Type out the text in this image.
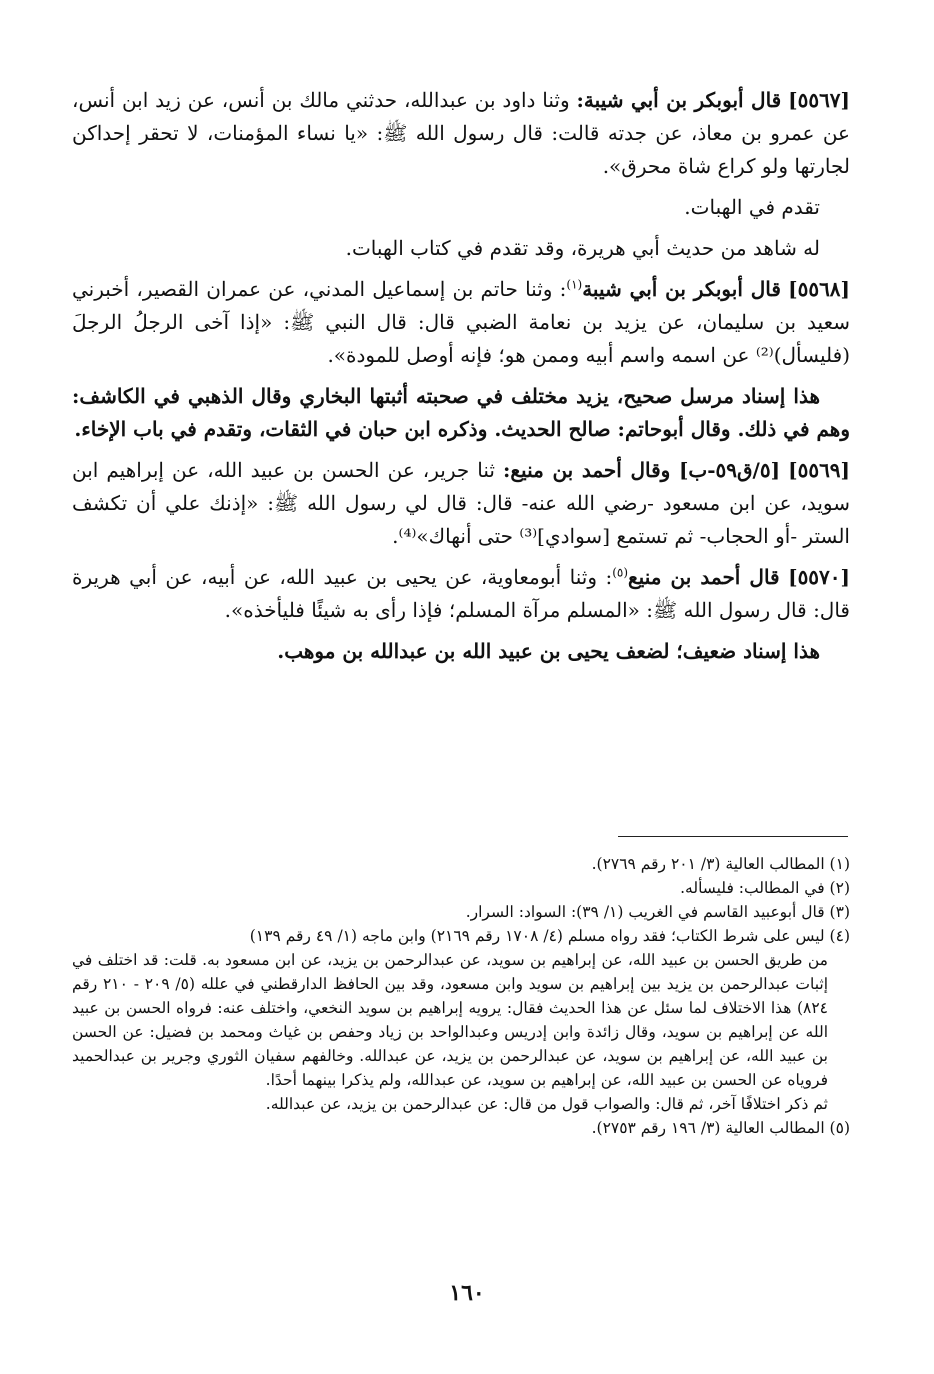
[٥٥٦٧] قال أبوبكر بن أبي شيبة: وثنا داود بن عبدالله، حدثني مالك بن أنس، عن زيد ابن أنس، عن عمرو بن معاذ، عن جدته قالت: قال رسول الله ﷺ: «يا نساء المؤمنات، لا تحقر إحداكن لجارتها ولو كراع شاة محرق».

تقدم في الهبات.

له شاهد من حديث أبي هريرة، وقد تقدم في كتاب الهبات.

[٥٥٦٨] قال أبوبكر بن أبي شيبة$^{(١)}$: وثنا حاتم بن إسماعيل المدني، عن عمران القصير، أخبرني سعيد بن سليمان، عن يزيد بن نعامة الضبي قال: قال النبي ﷺ: «إذا آخى الرجلُ الرجلَ (فليسأل)⁽²⁾ عن اسمه واسم أبيه وممن هو؛ فإنه أوصل للمودة».

هذا إسناد مرسل صحيح، يزيد مختلف في صحبته أثبتها البخاري وقال الذهبي في الكاشف: وهم في ذلك. وقال أبوحاتم: صالح الحديث. وذكره ابن حبان في الثقات، وتقدم في باب الإخاء.

[٥٥٦٩] [٥/ق٥٩-ب] وقال أحمد بن منيع: ثنا جرير، عن الحسن بن عبيد الله، عن إبراهيم ابن سويد، عن ابن مسعود -رضي الله عنه- قال: قال لي رسول الله ﷺ: «إذنك علي أن تكشف الستر -أو الحجاب- ثم تستمع [سوادي]⁽³⁾ حتى أنهاك»⁽⁴⁾.

[٥٥٧٠] قال أحمد بن منيع$^{(٥)}$: وثنا أبومعاوية، عن يحيى بن عبيد الله، عن أبيه، عن أبي هريرة قال: قال رسول الله ﷺ: «المسلم مرآة المسلم؛ فإذا رأى به شيئًا فليأخذه».

هذا إسناد ضعيف؛ لضعف يحيى بن عبيد الله بن عبدالله بن موهب.

(١) المطالب العالية (٣/ ٢٠١ رقم ٢٧٦٩).

(٢) في المطالب: فليسأله.

(٣) قال أبوعبيد القاسم في الغريب (١/ ٣٩): السواد: السرار.

(٤) ليس على شرط الكتاب؛ فقد رواه مسلم (٤/ ١٧٠٨ رقم ٢١٦٩) وابن ماجه (١/ ٤٩ رقم ١٣٩)

من طريق الحسن بن عبيد الله، عن إبراهيم بن سويد، عن عبدالرحمن بن يزيد، عن ابن مسعود به. قلت: قد اختلف في إثبات عبدالرحمن بن يزيد بين إبراهيم بن سويد وابن مسعود، وقد بين الحافظ الدارقطني في علله (٥/ ٢٠٩ - ٢١٠ رقم ٨٢٤) هذا الاختلاف لما سئل عن هذا الحديث فقال: يرويه إبراهيم بن سويد النخعي، واختلف عنه: فرواه الحسن بن عبيد الله عن إبراهيم بن سويد، وقال زائدة وابن إدريس وعبدالواحد بن زياد وحفص بن غياث ومحمد بن فضيل: عن الحسن بن عبيد الله، عن إبراهيم بن سويد، عن عبدالرحمن بن يزيد، عن عبدالله. وخالفهم سفيان الثوري وجرير بن عبدالحميد فروياه عن الحسن بن عبيد الله، عن إبراهيم بن سويد، عن عبدالله، ولم يذكرا بينهما أحدًا.

ثم ذكر اختلافًا آخر، ثم قال: والصواب قول من قال: عن عبدالرحمن بن يزيد، عن عبدالله.

(٥) المطالب العالية (٣/ ١٩٦ رقم ٢٧٥٣).

١٦٠
